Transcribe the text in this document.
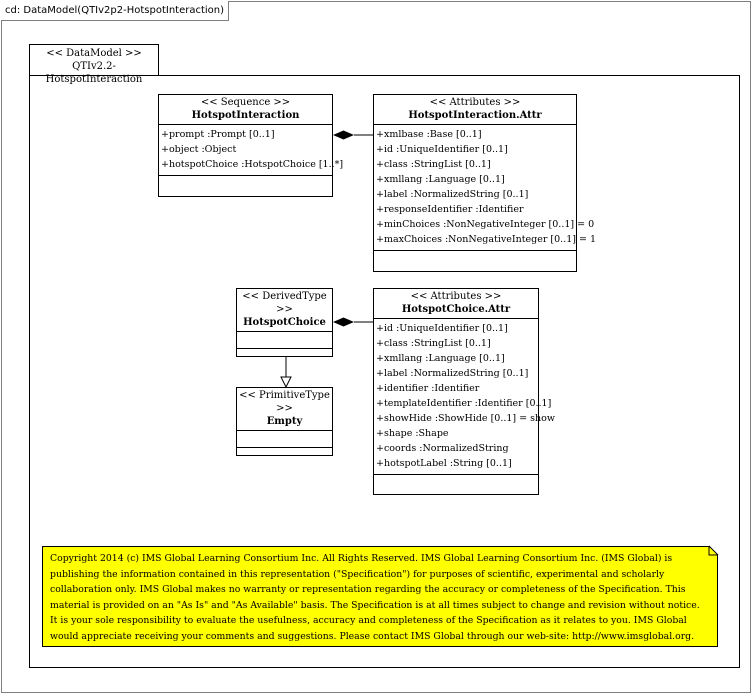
cd: DataModel(QTIv2p2-HotspotInteraction)
<< DataModel >>
QTIv2.2-HotspotInteraction
<< Sequence >>
HotspotInteraction
+prompt :Prompt [0..1]
+object :Object
+hotspotChoice :HotspotChoice [1..*]
<< Attributes >>
HotspotInteraction.Attr
+xmlbase :Base [0..1]
+id :UniqueIdentifier [0..1]
+class :StringList [0..1]
+xmllang :Language [0..1]
+label :NormalizedString [0..1]
+responseIdentifier :Identifier
+minChoices :NonNegativeInteger [0..1] = 0
+maxChoices :NonNegativeInteger [0..1] = 1
<< DerivedType >>
HotspotChoice
<< Attributes >>
HotspotChoice.Attr
+id :UniqueIdentifier [0..1]
+class :StringList [0..1]
+xmllang :Language [0..1]
+label :NormalizedString [0..1]
+identifier :Identifier
+templateIdentifier :Identifier [0..1]
+showHide :ShowHide [0..1] = show
+shape :Shape
+coords :NormalizedString
+hotspotLabel :String [0..1]
<< PrimitiveType >>
Empty
Copyright 2014 (c) IMS Global Learning Consortium Inc. All Rights Reserved. IMS Global Learning Consortium Inc. (IMS Global) is publishing the information contained in this representation ("Specification") for purposes of scientific, experimental and scholarly collaboration only. IMS Global makes no warranty or representation regarding the accuracy or completeness of the Specification. This material is provided on an "As Is" and "As Available" basis. The Specification is at all times subject to change and revision without notice. It is your sole responsibility to evaluate the usefulness, accuracy and completeness of the Specification as it relates to you. IMS Global would appreciate receiving your comments and suggestions. Please contact IMS Global through our web-site: http://www.imsglobal.org.
